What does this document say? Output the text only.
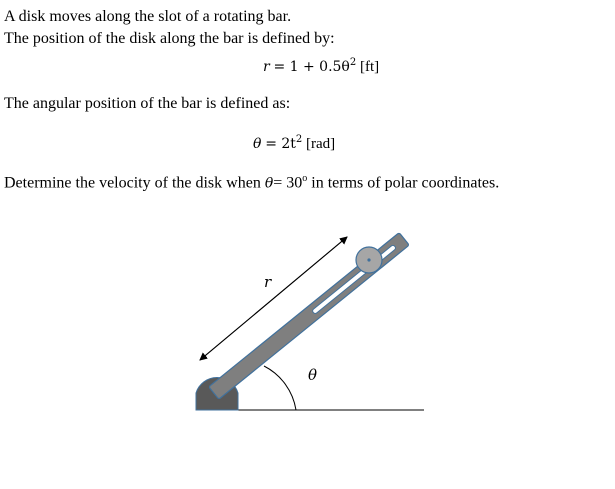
A disk moves along the slot of a rotating bar.
The position of the disk along the bar is defined by:
$r = 1 + 0.5\theta^2$ [ft]
The angular position of the bar is defined as:
$\theta = 2t^2$ [rad]
Determine the velocity of the disk when $\theta= 30^o$ in terms of polar coordinates.
r
θ
